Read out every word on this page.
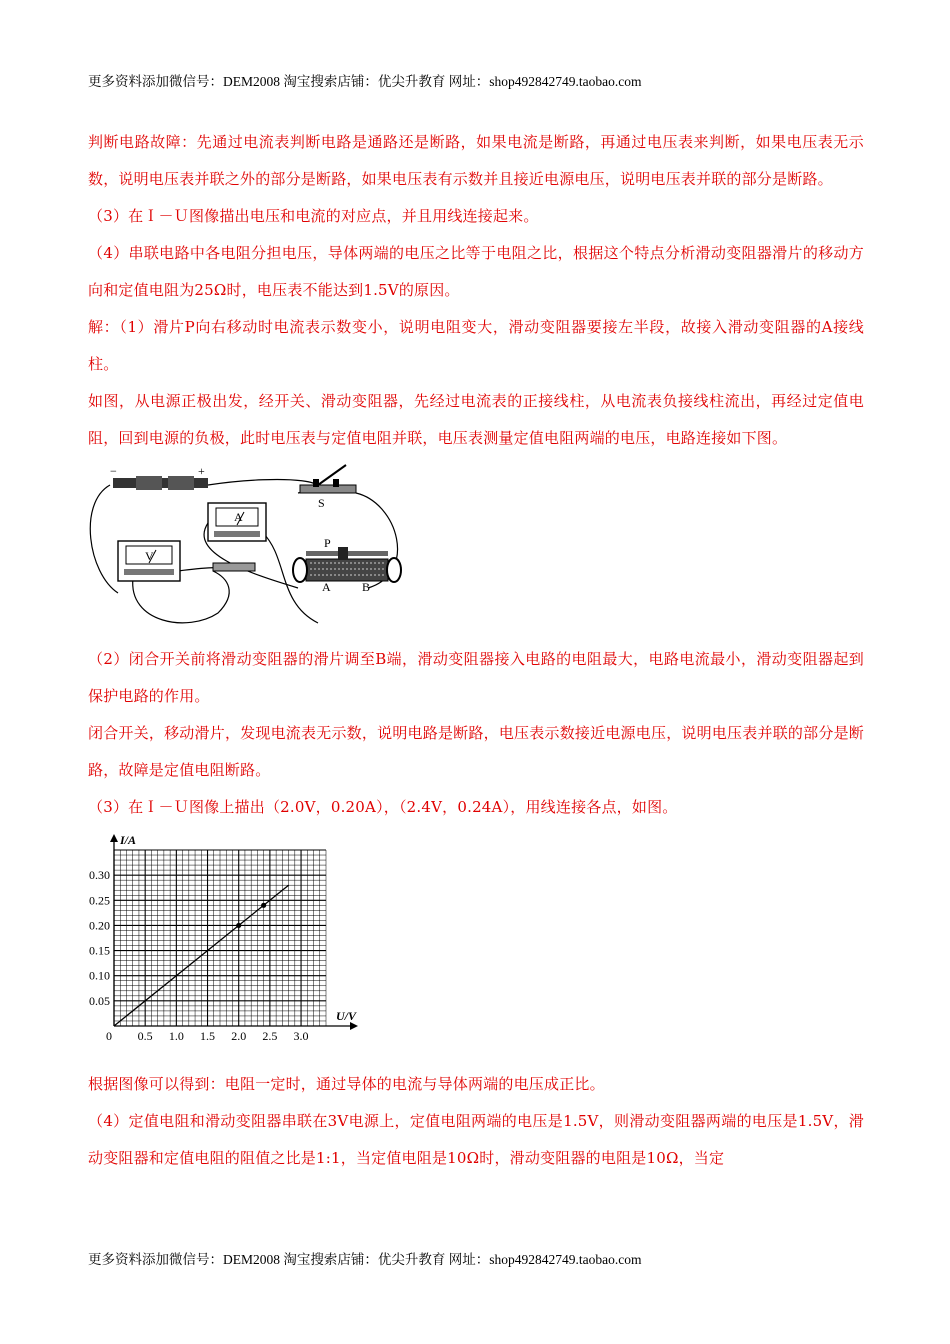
更多资料添加微信号：DEM2008 淘宝搜索店铺：优尖升教育 网址：shop492842749.taobao.com

判断电路故障：先通过电流表判断电路是通路还是断路，如果电流是断路，再通过电压表来判断，如果电压表无示数，说明电压表并联之外的部分是断路，如果电压表有示数并且接近电源电压，说明电压表并联的部分是断路。

（3）在Ｉ－Ｕ图像描出电压和电流的对应点，并且用线连接起来。

（4）串联电路中各电阻分担电压，导体两端的电压之比等于电阻之比，根据这个特点分析滑动变阻器滑片的移动方向和定值电阻为25Ω时，电压表不能达到1.5V的原因。

解：（1）滑片P向右移动时电流表示数变小，说明电阻变大，滑动变阻器要接左半段，故接入滑动变阻器的A接线柱。

如图，从电源正极出发，经开关、滑动变阻器，先经过电流表的正接线柱，从电流表负接线柱流出，再经过定值电阻，回到电源的负极，此时电压表与定值电阻并联，电压表测量定值电阻两端的电压，电路连接如下图。

−	+
S
A
V
P
A	B

（2）闭合开关前将滑动变阻器的滑片调至B端，滑动变阻器接入电路的电阻最大，电路电流最小，滑动变阻器起到保护电路的作用。

闭合开关，移动滑片，发现电流表无示数，说明电路是断路，电压表示数接近电源电压，说明电压表并联的部分是断路，故障是定值电阻断路。

（3）在Ｉ－Ｕ图像上描出（2.0V，0.20A），（2.4V，0.24A），用线连接各点，如图。

I/A
U/V
0 0.5 1.0 1.5 2.0 2.5 3.0
0.05
0.10
0.15
0.20
0.25
0.30

根据图像可以得到：电阻一定时，通过导体的电流与导体两端的电压成正比。

（4）定值电阻和滑动变阻器串联在3V电源上，定值电阻两端的电压是1.5V，则滑动变阻器两端的电压是1.5V，滑动变阻器和定值电阻的阻值之比是1:1，当定值电阻是10Ω时，滑动变阻器的电阻是10Ω，当定

更多资料添加微信号：DEM2008 淘宝搜索店铺：优尖升教育 网址：shop492842749.taobao.com
